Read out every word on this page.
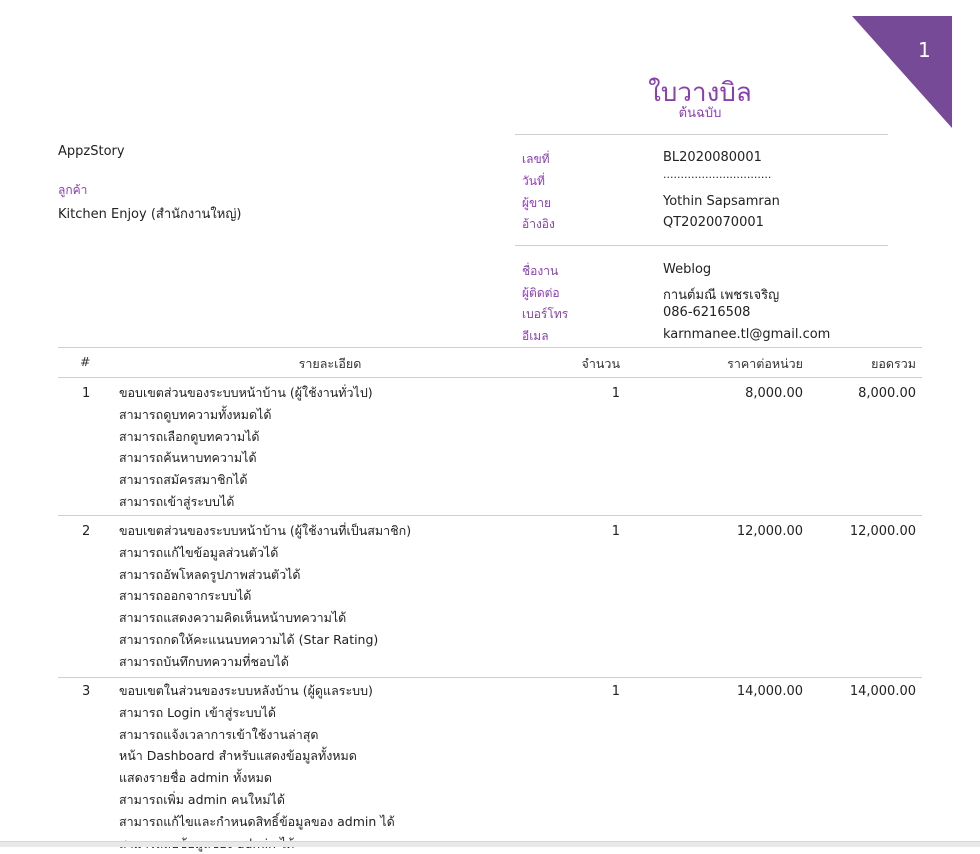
1
ใบวางบิล
ต้นฉบับ
AppzStory
ลูกค้า
Kitchen Enjoy (สำนักงานใหญ่)
เลขที่	BL2020080001
วันที่	...............................
ผู้ขาย	Yothin Sapsamran
อ้างอิง	QT2020070001
ชื่องาน	Weblog
ผู้ติดต่อ	กานต์มณี เพชรเจริญ
เบอร์โทร	086-6216508
อีเมล	karnmanee.tl@gmail.com
#	รายละเอียด	จำนวน	ราคาต่อหน่วย	ยอดรวม
1 ขอบเขตส่วนของระบบหน้าบ้าน (ผู้ใช้งานทั่วไป)
สามารถดูบทความทั้งหมดได้
สามารถเลือกดูบทความได้
สามารถค้นหาบทความได้
สามารถสมัครสมาชิกได้
สามารถเข้าสู่ระบบได้
1	8,000.00	8,000.00
2 ขอบเขตส่วนของระบบหน้าบ้าน (ผู้ใช้งานที่เป็นสมาชิก)
สามารถแก้ไขข้อมูลส่วนตัวได้
สามารถอัพโหลดรูปภาพส่วนตัวได้
สามารถออกจากระบบได้
สามารถแสดงความคิดเห็นหน้าบทความได้
สามารถกดให้คะแนนบทความได้ (Star Rating)
สามารถบันทึกบทความที่ชอบได้
1	12,000.00	12,000.00
3 ขอบเขตในส่วนของระบบหลังบ้าน (ผู้ดูแลระบบ)
สามารถ Login เข้าสู่ระบบได้
สามารถแจ้งเวลาการเข้าใช้งานล่าสุด
หน้า Dashboard สำหรับแสดงข้อมูลทั้งหมด
แสดงรายชื่อ admin ทั้งหมด
สามารถเพิ่ม admin คนใหม่ได้
สามารถแก้ไขและกำหนดสิทธิ์ข้อมูลของ admin ได้
1	14,000.00	14,000.00
